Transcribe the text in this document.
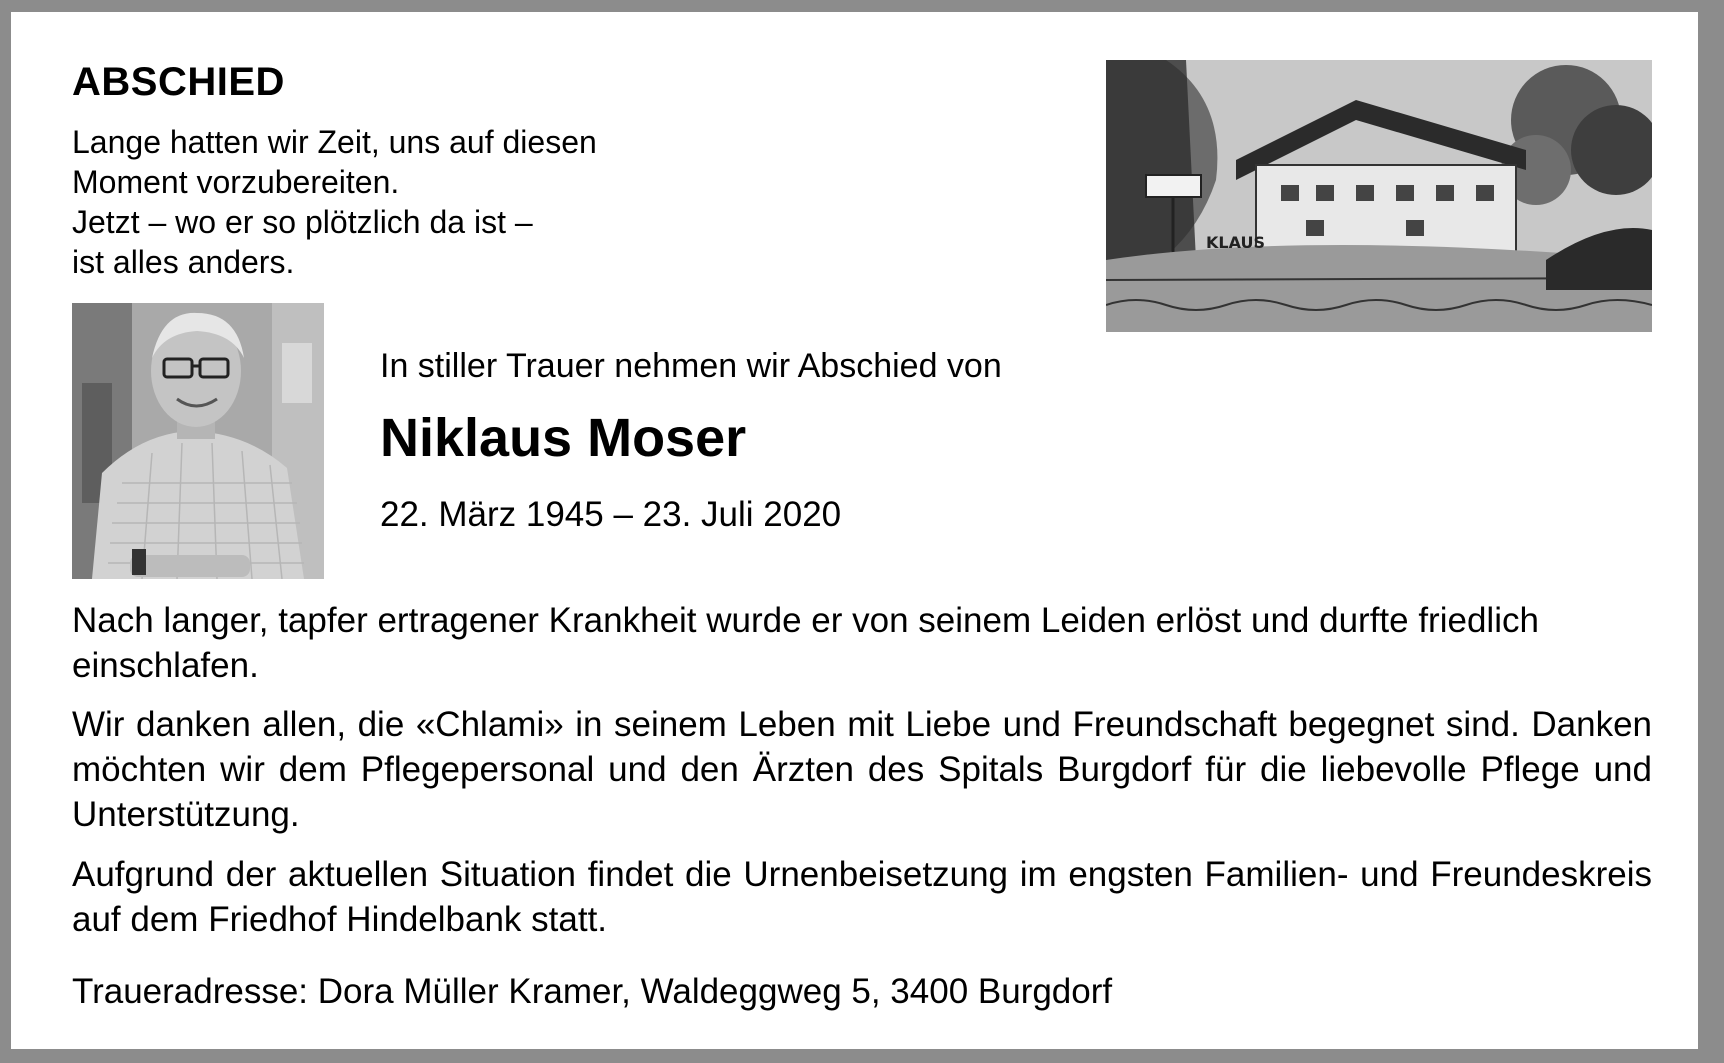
ABSCHIED
Lange hatten wir Zeit, uns auf diesen
Moment vorzubereiten.
Jetzt – wo er so plötzlich da ist –
ist alles anders.
KLAUS
In stiller Trauer nehmen wir Abschied von
Niklaus Moser
22. März 1945 – 23. Juli 2020
Nach langer, tapfer ertragener Krankheit wurde er von seinem Leiden erlöst und durfte friedlich einschlafen.
Wir danken allen, die «Chlami» in seinem Leben mit Liebe und Freundschaft begegnet sind. Danken möchten wir dem Pflegepersonal und den Ärzten des Spitals Burgdorf für die liebevolle Pflege und Unterstützung.
Aufgrund der aktuellen Situation findet die Urnenbeisetzung im engsten Familien- und Freundeskreis auf dem Friedhof Hindelbank statt.
Traueradresse: Dora Müller Kramer, Waldeggweg 5, 3400 Burgdorf
